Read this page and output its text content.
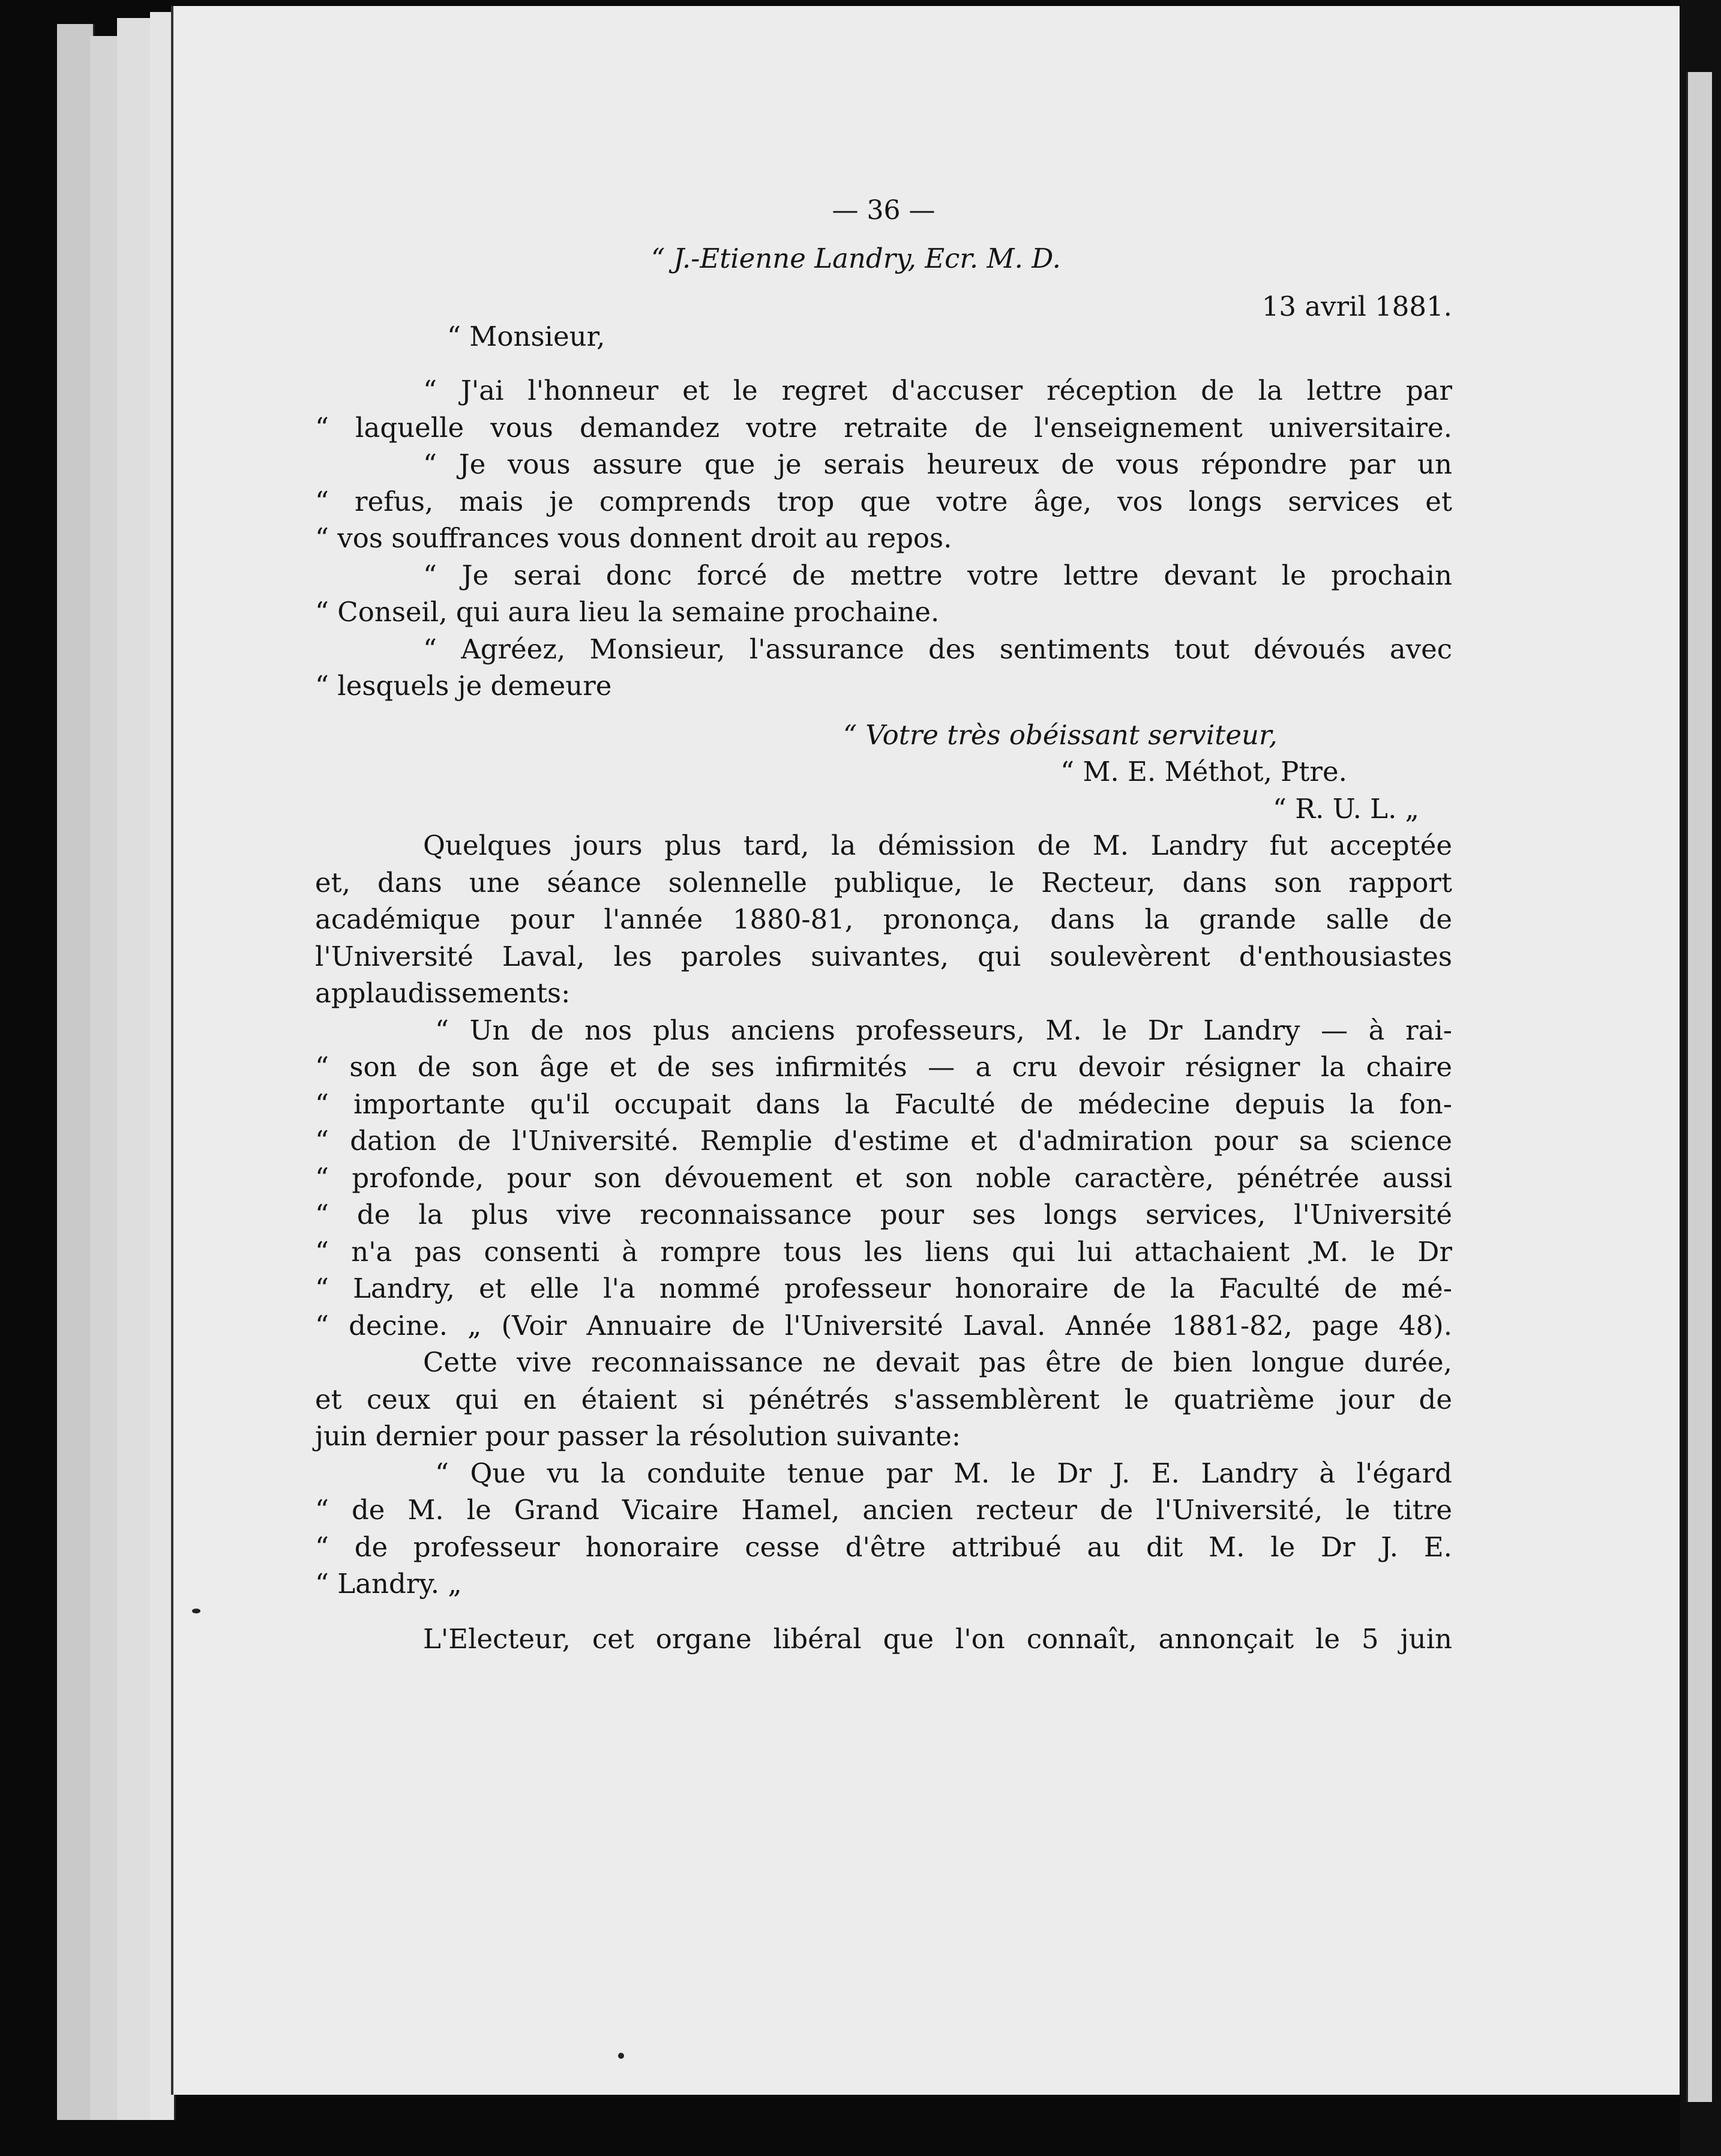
— 36 —
“ J.-Etienne Landry, Ecr. M. D.
13 avril 1881.
“ Monsieur,
“ J'ai l'honneur et le regret d'accuser réception de la lettre par
“ laquelle vous demandez votre retraite de l'enseignement universitaire.
“ Je vous assure que je serais heureux de vous répondre par un
“ refus, mais je comprends trop que votre âge, vos longs services et
“ vos souffrances vous donnent droit au repos.
“ Je serai donc forcé de mettre votre lettre devant le prochain
“ Conseil, qui aura lieu la semaine prochaine.
“ Agréez, Monsieur, l'assurance des sentiments tout dévoués avec
“ lesquels je demeure
“ Votre très obéissant serviteur,
“ M. E. Méthot, Ptre.
“ R. U. L. „
Quelques jours plus tard, la démission de M. Landry fut acceptée
et, dans une séance solennelle publique, le Recteur, dans son rapport
académique pour l'année 1880-81, prononça, dans la grande salle de
l'Université Laval, les paroles suivantes, qui soulevèrent d'enthousiastes
applaudissements:
“ Un de nos plus anciens professeurs, M. le Dr Landry — à rai-
“ son de son âge et de ses infirmités — a cru devoir résigner la chaire
“ importante qu'il occupait dans la Faculté de médecine depuis la fon-
“ dation de l'Université. Remplie d'estime et d'admiration pour sa science
“ profonde, pour son dévouement et son noble caractère, pénétrée aussi
“ de la plus vive reconnaissance pour ses longs services, l'Université
“ n'a pas consenti à rompre tous les liens qui lui attachaient M. le Dr
“ Landry, et elle l'a nommé professeur honoraire de la Faculté de mé-
“ decine. „ (Voir Annuaire de l'Université Laval. Année 1881-82, page 48).
Cette vive reconnaissance ne devait pas être de bien longue durée,
et ceux qui en étaient si pénétrés s'assemblèrent le quatrième jour de
juin dernier pour passer la résolution suivante:
“ Que vu la conduite tenue par M. le Dr J. E. Landry à l'égard
“ de M. le Grand Vicaire Hamel, ancien recteur de l'Université, le titre
“ de professeur honoraire cesse d'être attribué au dit M. le Dr J. E.
“ Landry. „
L'Electeur, cet organe libéral que l'on connaît, annonçait le 5 juin
